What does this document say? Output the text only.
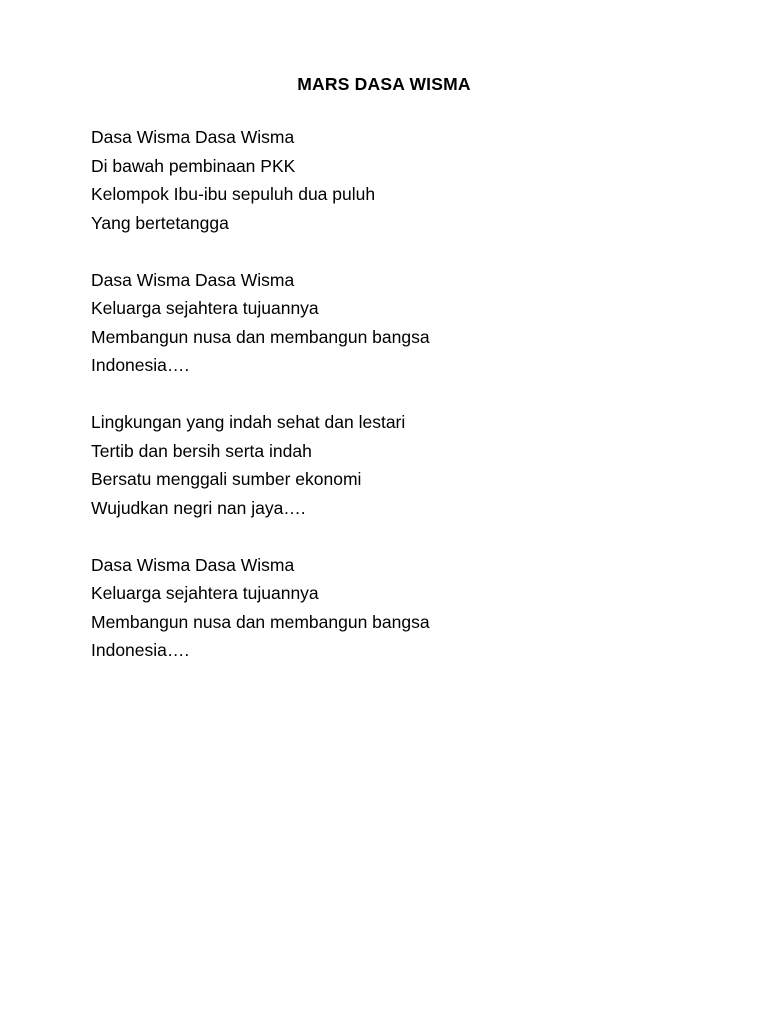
MARS DASA WISMA
Dasa Wisma Dasa Wisma
Di bawah pembinaan PKK
Kelompok Ibu-ibu sepuluh dua puluh
Yang bertetangga
Dasa Wisma Dasa Wisma
Keluarga sejahtera tujuannya
Membangun nusa dan membangun bangsa
Indonesia….
Lingkungan yang indah sehat dan lestari
Tertib dan bersih serta indah
Bersatu menggali sumber ekonomi
Wujudkan negri nan jaya….
Dasa Wisma Dasa Wisma
Keluarga sejahtera tujuannya
Membangun nusa dan membangun bangsa
Indonesia….
